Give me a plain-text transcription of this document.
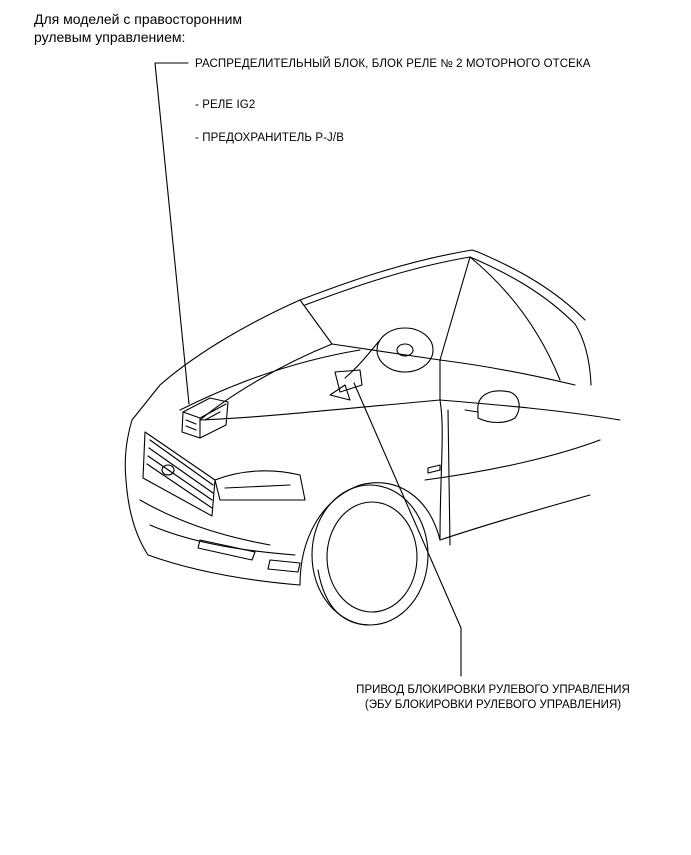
Для моделей с правосторонним
рулевым управлением:
РАСПРЕДЕЛИТЕЛЬНЫЙ БЛОК, БЛОК РЕЛЕ № 2 МОТОРНОГО ОТСЕКА
- РЕЛЕ IG2
- ПРЕДОХРАНИТЕЛЬ P-J/B
ПРИВОД БЛОКИРОВКИ РУЛЕВОГО УПРАВЛЕНИЯ
(ЭБУ БЛОКИРОВКИ РУЛЕВОГО УПРАВЛЕНИЯ)
